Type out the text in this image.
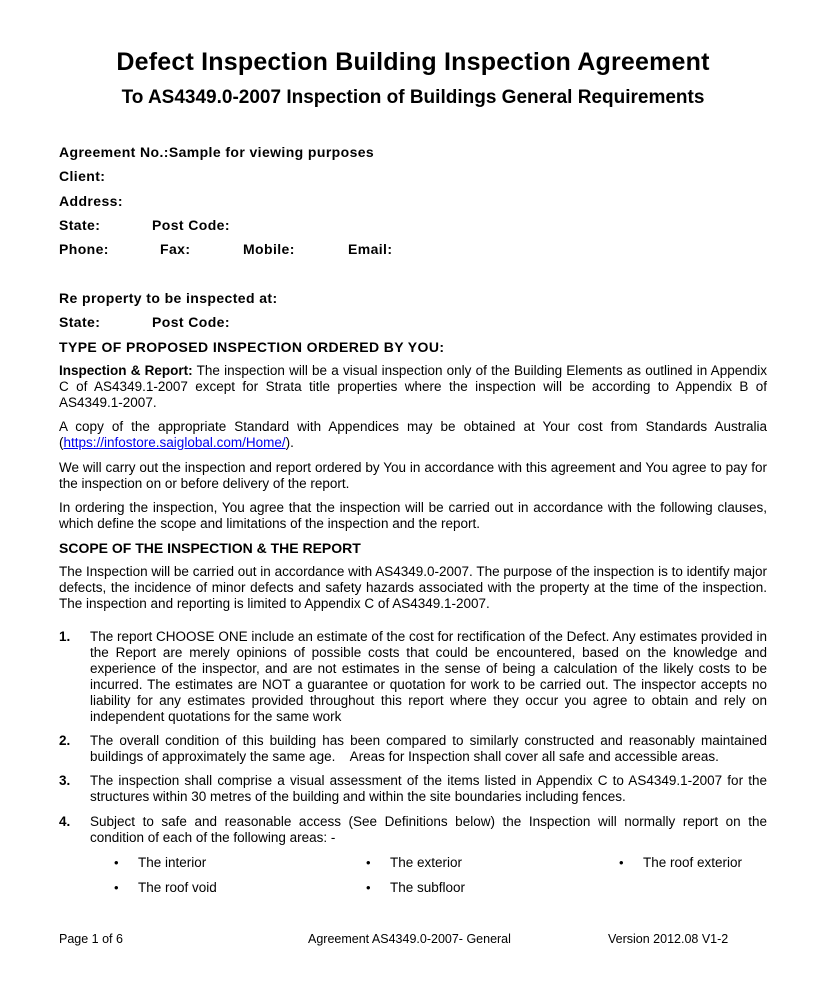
Defect Inspection Building Inspection Agreement
To AS4349.0-2007 Inspection of Buildings General Requirements
Agreement No.:Sample for viewing purposes
Client:
Address:
State:	Post Code:
Phone:	Fax:	Mobile:	Email:
Re property to be inspected at:
State:	Post Code:
TYPE OF PROPOSED INSPECTION ORDERED BY YOU:
Inspection & Report: The inspection will be a visual inspection only of the Building Elements as outlined in Appendix C of AS4349.1-2007 except for Strata title properties where the inspection will be according to Appendix B of AS4349.1-2007.
A copy of the appropriate Standard with Appendices may be obtained at Your cost from Standards Australia (https://infostore.saiglobal.com/Home/).
We will carry out the inspection and report ordered by You in accordance with this agreement and You agree to pay for the inspection on or before delivery of the report.
In ordering the inspection, You agree that the inspection will be carried out in accordance with the following clauses, which define the scope and limitations of the inspection and the report.
SCOPE OF THE INSPECTION & THE REPORT
The Inspection will be carried out in accordance with AS4349.0-2007. The purpose of the inspection is to identify major defects, the incidence of minor defects and safety hazards associated with the property at the time of the inspection. The inspection and reporting is limited to Appendix C of AS4349.1-2007.
1. The report CHOOSE ONE include an estimate of the cost for rectification of the Defect. Any estimates provided in the Report are merely opinions of possible costs that could be encountered, based on the knowledge and experience of the inspector, and are not estimates in the sense of being a calculation of the likely costs to be incurred. The estimates are NOT a guarantee or quotation for work to be carried out. The inspector accepts no liability for any estimates provided throughout this report where they occur you agree to obtain and rely on independent quotations for the same work
2. The overall condition of this building has been compared to similarly constructed and reasonably maintained buildings of approximately the same age.    Areas for Inspection shall cover all safe and accessible areas.
3. The inspection shall comprise a visual assessment of the items listed in Appendix C to AS4349.1-2007 for the structures within 30 metres of the building and within the site boundaries including fences.
4. Subject to safe and reasonable access (See Definitions below) the Inspection will normally report on the condition of each of the following areas: -
• The interior	• The exterior	• The roof exterior
• The roof void	• The subfloor
Page 1 of 6	Agreement AS4349.0-2007- General	Version 2012.08 V1-2
